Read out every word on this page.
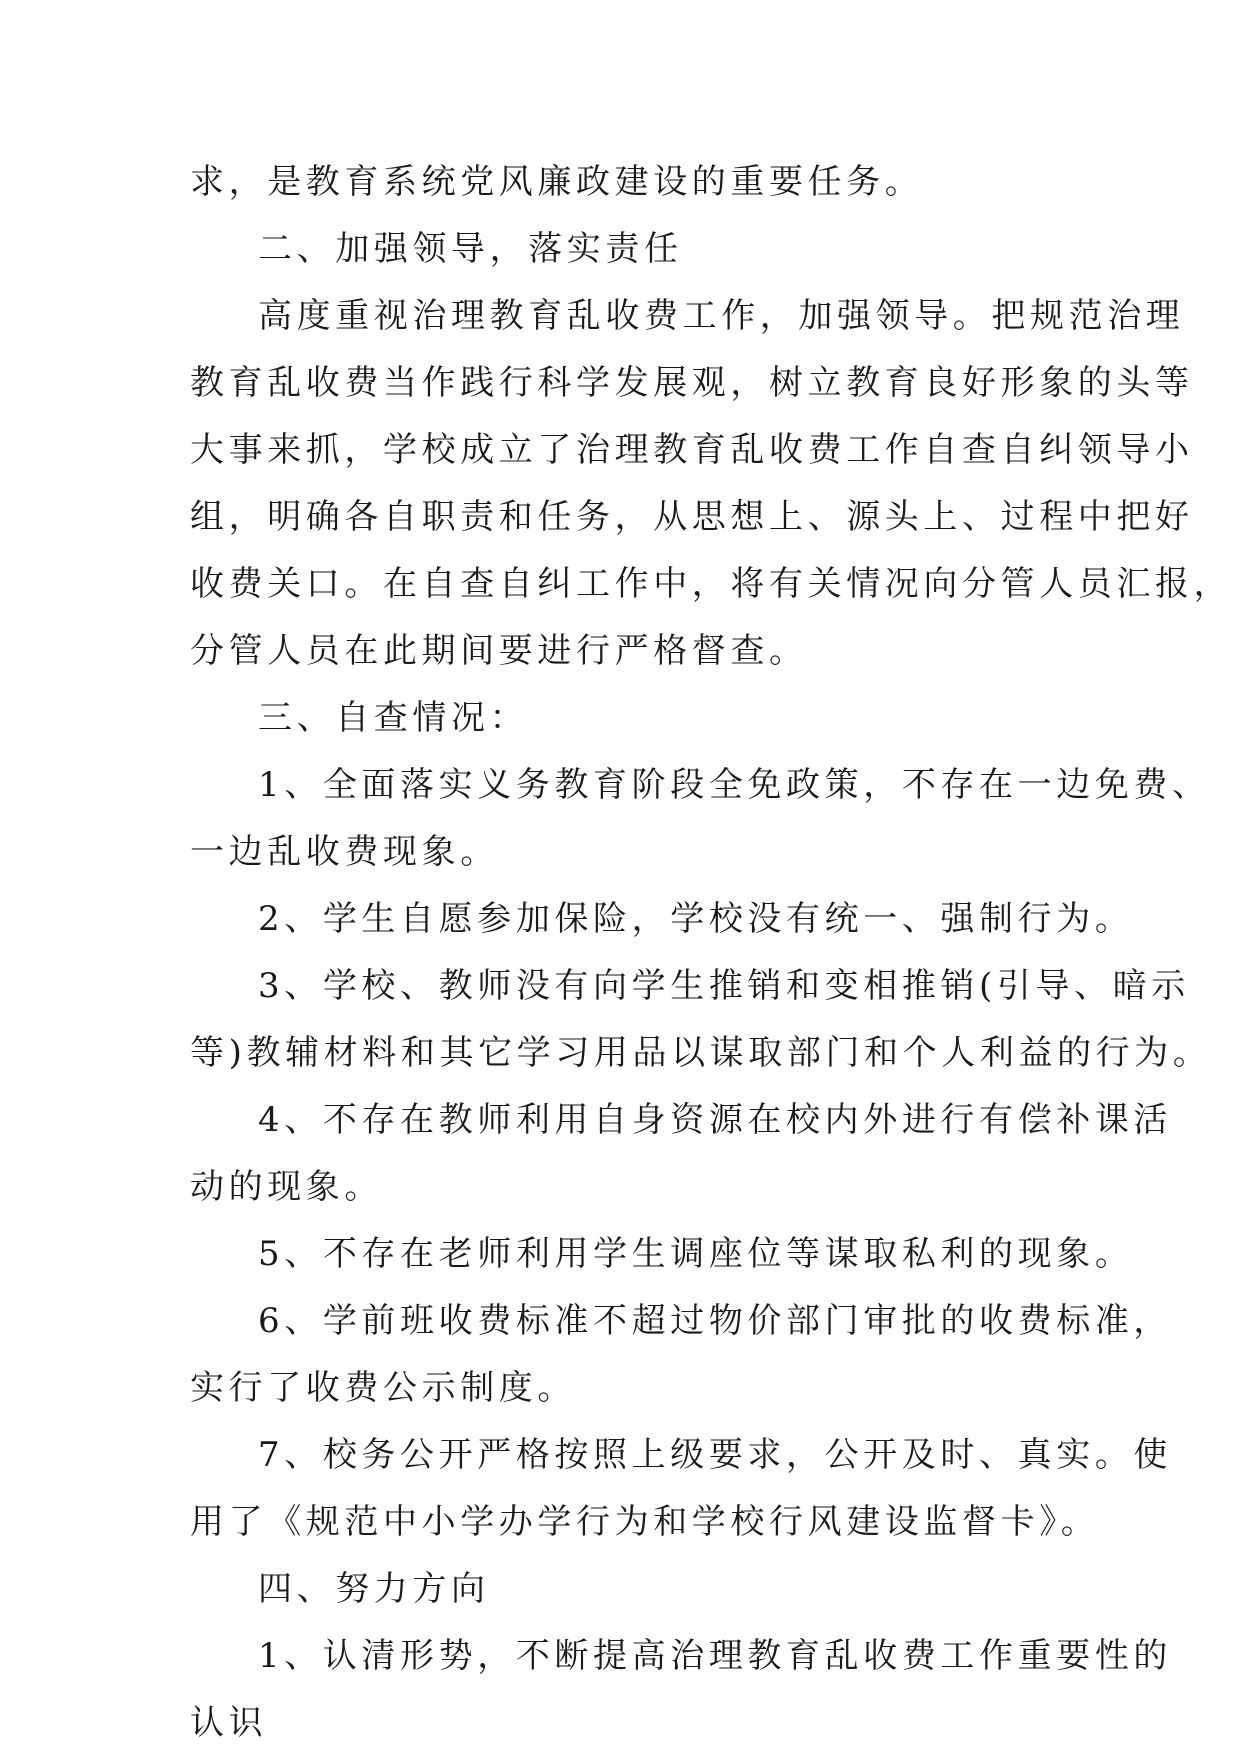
求，是教育系统党风廉政建设的重要任务。
二、加强领导，落实责任
高度重视治理教育乱收费工作，加强领导。把规范治理
教育乱收费当作践行科学发展观，树立教育良好形象的头等
大事来抓，学校成立了治理教育乱收费工作自查自纠领导小
组，明确各自职责和任务，从思想上、源头上、过程中把好
收费关口。在自查自纠工作中，将有关情况向分管人员汇报，
分管人员在此期间要进行严格督查。
三、自查情况：
1、全面落实义务教育阶段全免政策，不存在一边免费、
一边乱收费现象。
2、学生自愿参加保险，学校没有统一、强制行为。
3、学校、教师没有向学生推销和变相推销(引导、暗示
等)教辅材料和其它学习用品以谋取部门和个人利益的行为。
4、不存在教师利用自身资源在校内外进行有偿补课活
动的现象。
5、不存在老师利用学生调座位等谋取私利的现象。
6、学前班收费标准不超过物价部门审批的收费标准，
实行了收费公示制度。
7、校务公开严格按照上级要求，公开及时、真实。使
用了《规范中小学办学行为和学校行风建设监督卡》。
四、努力方向
1、认清形势，不断提高治理教育乱收费工作重要性的
认识
